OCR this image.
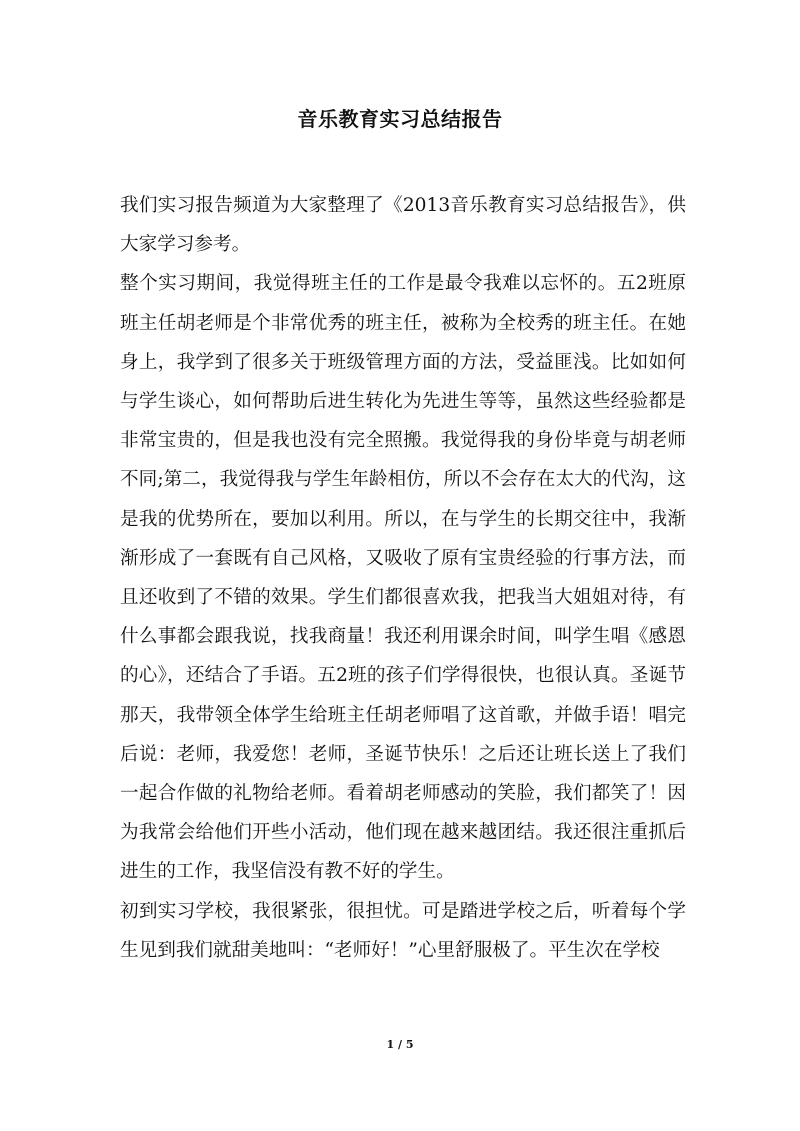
音乐教育实习总结报告

我们实习报告频道为大家整理了《2013音乐教育实习总结报告》，供大家学习参考。

整个实习期间，我觉得班主任的工作是最令我难以忘怀的。五2班原班主任胡老师是个非常优秀的班主任，被称为全校秀的班主任。在她身上，我学到了很多关于班级管理方面的方法，受益匪浅。比如如何与学生谈心，如何帮助后进生转化为先进生等等，虽然这些经验都是非常宝贵的，但是我也没有完全照搬。我觉得我的身份毕竟与胡老师不同;第二，我觉得我与学生年龄相仿，所以不会存在太大的代沟，这是我的优势所在，要加以利用。所以，在与学生的长期交往中，我渐渐形成了一套既有自己风格，又吸收了原有宝贵经验的行事方法，而且还收到了不错的效果。学生们都很喜欢我，把我当大姐姐对待，有什么事都会跟我说，找我商量！我还利用课余时间，叫学生唱《感恩的心》，还结合了手语。五2班的孩子们学得很快，也很认真。圣诞节那天，我带领全体学生给班主任胡老师唱了这首歌，并做手语！唱完后说：老师，我爱您！老师，圣诞节快乐！之后还让班长送上了我们一起合作做的礼物给老师。看着胡老师感动的笑脸，我们都笑了！因为我常会给他们开些小活动，他们现在越来越团结。我还很注重抓后进生的工作，我坚信没有教不好的学生。

初到实习学校，我很紧张，很担忧。可是踏进学校之后，听着每个学生见到我们就甜美地叫：“老师好！”心里舒服极了。平生次在学校

1 / 5
